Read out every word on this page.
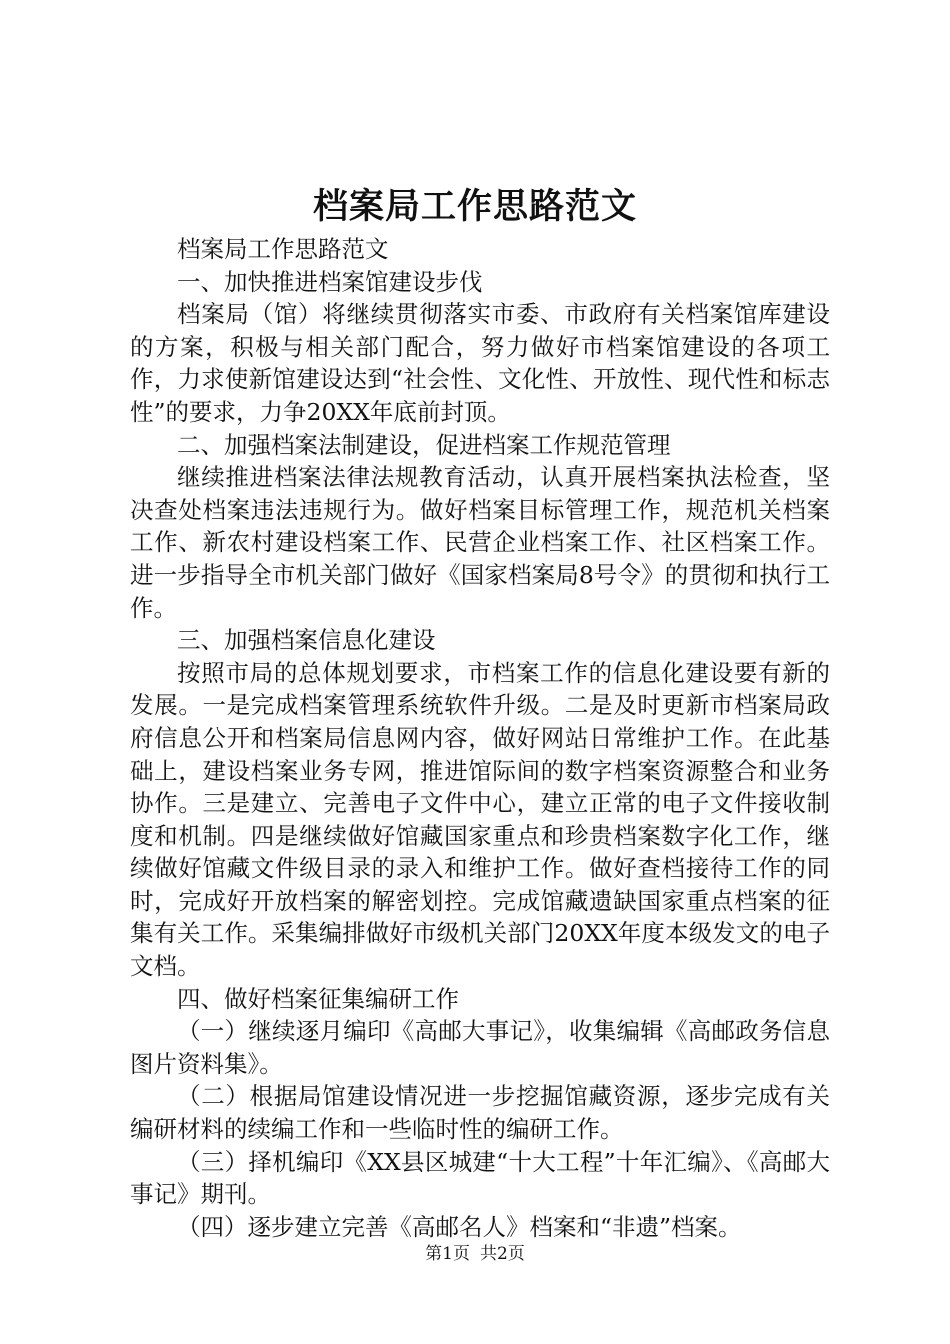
档案局工作思路范文

档案局工作思路范文

一、加快推进档案馆建设步伐

档案局（馆）将继续贯彻落实市委、市政府有关档案馆库建设的方案，积极与相关部门配合，努力做好市档案馆建设的各项工作，力求使新馆建设达到“社会性、文化性、开放性、现代性和标志性”的要求，力争20XX年底前封顶。

二、加强档案法制建设，促进档案工作规范管理

继续推进档案法律法规教育活动，认真开展档案执法检查，坚决查处档案违法违规行为。做好档案目标管理工作，规范机关档案工作、新农村建设档案工作、民营企业档案工作、社区档案工作。进一步指导全市机关部门做好《国家档案局8号令》的贯彻和执行工作。

三、加强档案信息化建设

按照市局的总体规划要求，市档案工作的信息化建设要有新的发展。一是完成档案管理系统软件升级。二是及时更新市档案局政府信息公开和档案局信息网内容，做好网站日常维护工作。在此基础上，建设档案业务专网，推进馆际间的数字档案资源整合和业务协作。三是建立、完善电子文件中心，建立正常的电子文件接收制度和机制。四是继续做好馆藏国家重点和珍贵档案数字化工作，继续做好馆藏文件级目录的录入和维护工作。做好查档接待工作的同时，完成好开放档案的解密划控。完成馆藏遗缺国家重点档案的征集有关工作。采集编排做好市级机关部门20XX年度本级发文的电子文档。

四、做好档案征集编研工作

（一）继续逐月编印《高邮大事记》，收集编辑《高邮政务信息图片资料集》。

（二）根据局馆建设情况进一步挖掘馆藏资源，逐步完成有关编研材料的续编工作和一些临时性的编研工作。

（三）择机编印《XX县区城建“十大工程”十年汇编》、《高邮大事记》期刊。

（四）逐步建立完善《高邮名人》档案和“非遗”档案。

第1页 共2页
